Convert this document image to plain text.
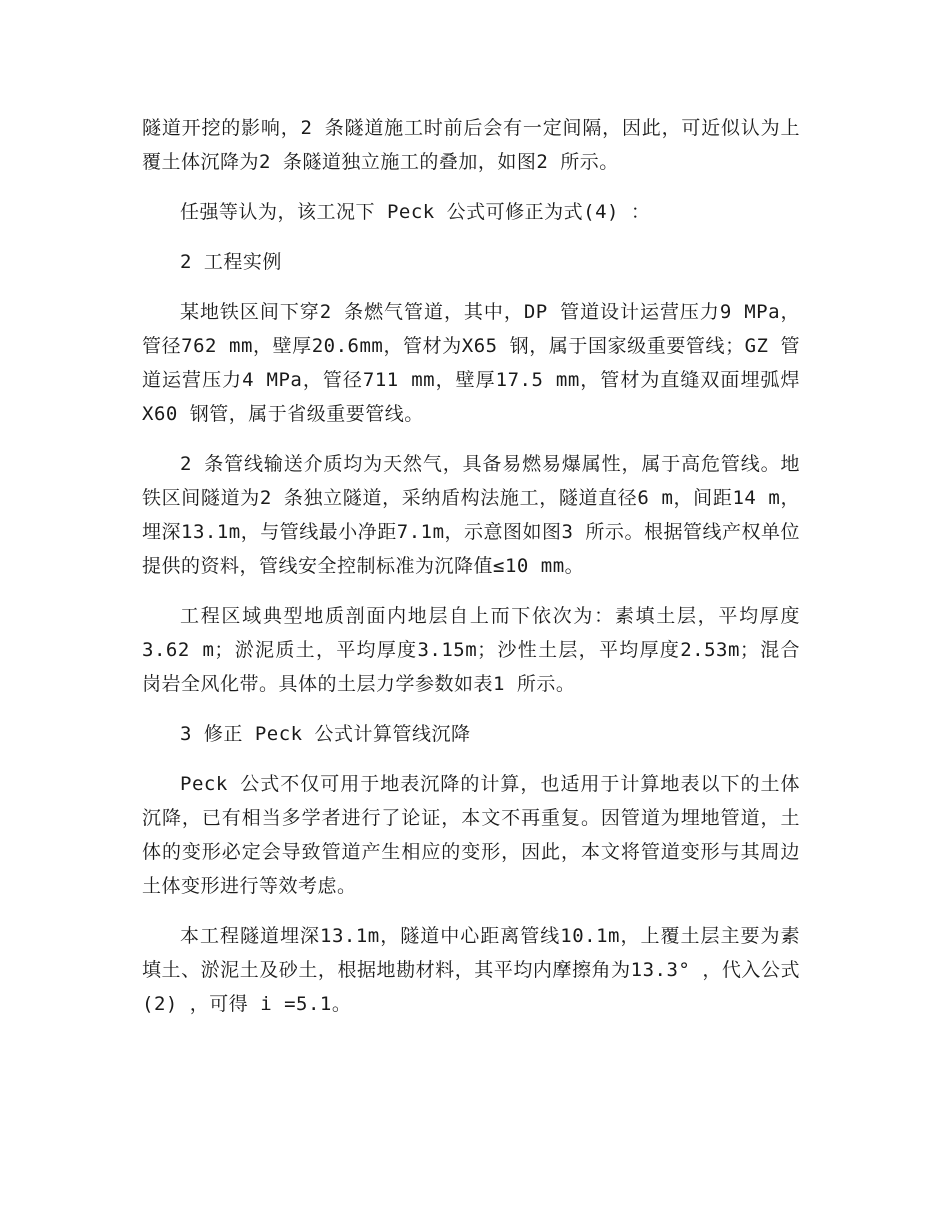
隧道开挖的影响，2 条隧道施工时前后会有一定间隔，因此，可近似认为上覆土体沉降为2 条隧道独立施工的叠加，如图2 所示。

任强等认为，该工况下 Peck 公式可修正为式(4) ：

2 工程实例

某地铁区间下穿2 条燃气管道，其中，DP 管道设计运营压力9 MPa，管径762 mm，壁厚20.6mm，管材为X65 钢，属于国家级重要管线；GZ 管道运营压力4 MPa，管径711 mm，壁厚17.5 mm，管材为直缝双面埋弧焊X60 钢管，属于省级重要管线。

2 条管线输送介质均为天然气，具备易燃易爆属性，属于高危管线。地铁区间隧道为2 条独立隧道，采纳盾构法施工，隧道直径6 m，间距14 m，埋深13.1m，与管线最小净距7.1m，示意图如图3 所示。根据管线产权单位提供的资料，管线安全控制标准为沉降值≤10 mm。

工程区域典型地质剖面内地层自上而下依次为：素填土层，平均厚度3.62 m；淤泥质土，平均厚度3.15m；沙性土层，平均厚度2.53m；混合岗岩全风化带。具体的土层力学参数如表1 所示。

3 修正 Peck 公式计算管线沉降

Peck 公式不仅可用于地表沉降的计算，也适用于计算地表以下的土体沉降，已有相当多学者进行了论证，本文不再重复。因管道为埋地管道，土体的变形必定会导致管道产生相应的变形，因此，本文将管道变形与其周边土体变形进行等效考虑。

本工程隧道埋深13.1m，隧道中心距离管线10.1m，上覆土层主要为素填土、淤泥土及砂土，根据地勘材料，其平均内摩擦角为13.3° ，代入公式(2) ，可得 i =5.1。
